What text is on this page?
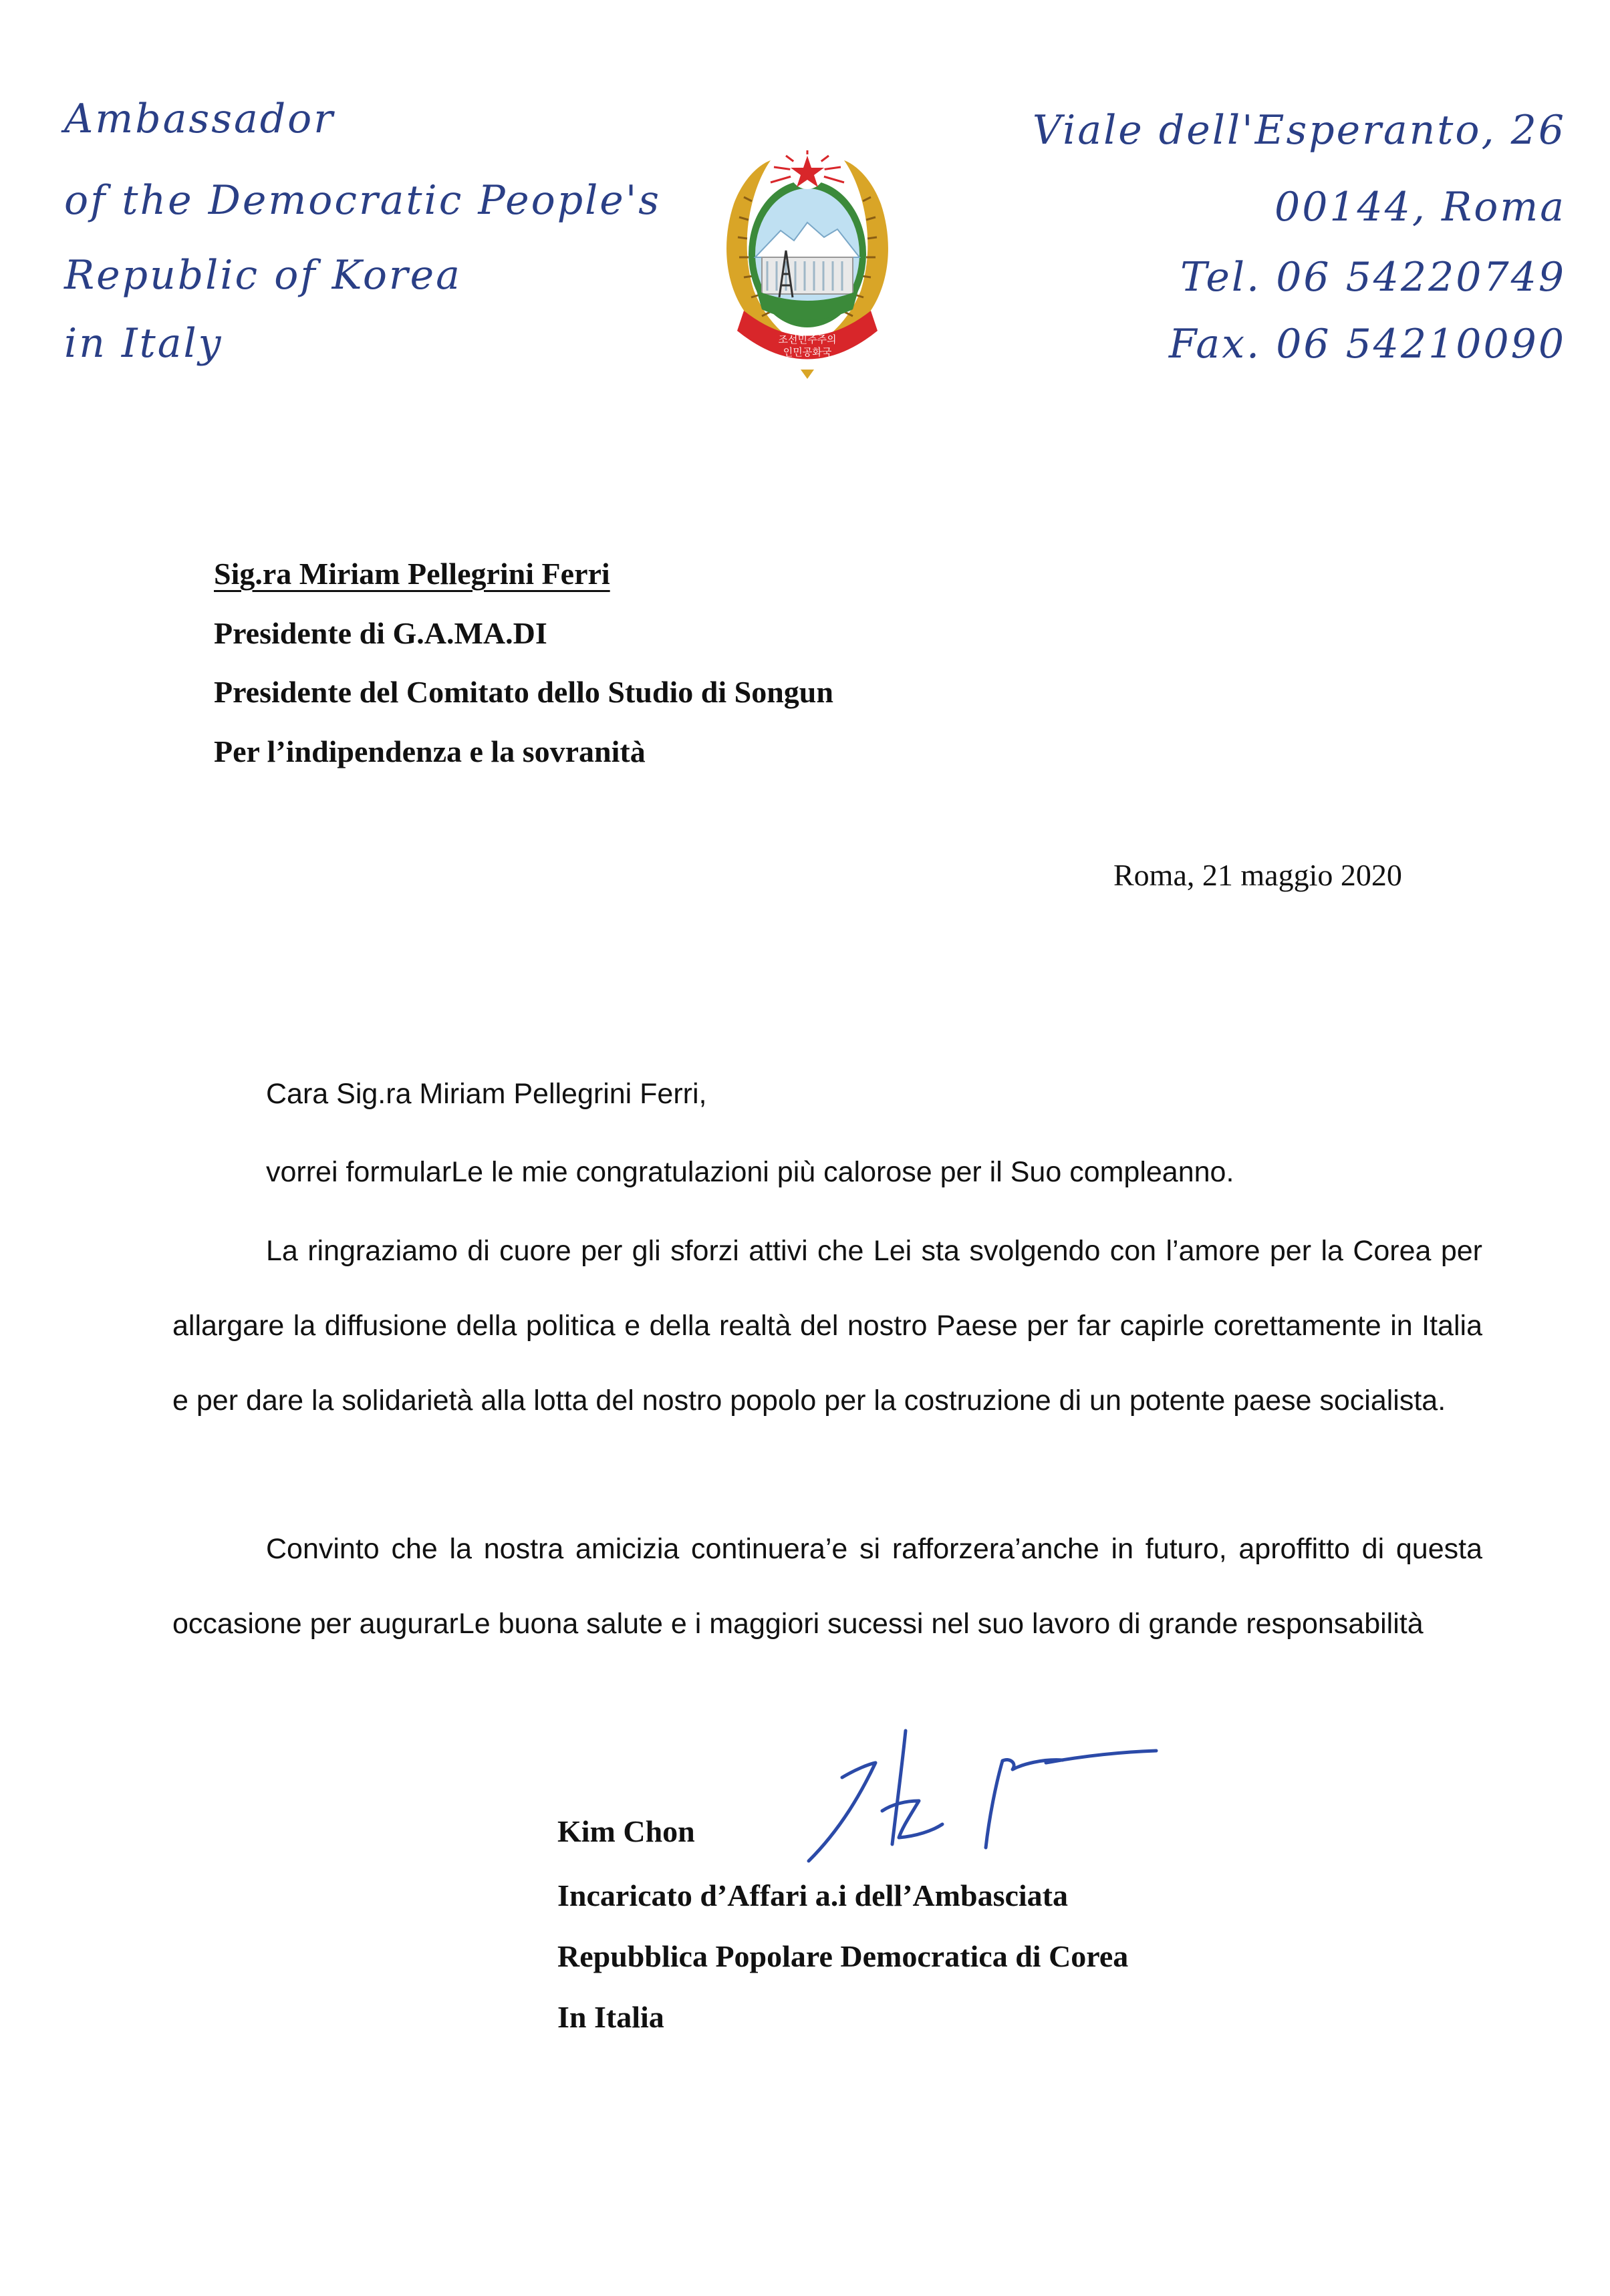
Ambassador
of the Democratic People's
Republic of Korea
in Italy
Viale dell'Esperanto, 26
00144, Roma
Tel. 06 54220749
Fax. 06 54210090
조선민주주의
인민공화국
Sig.ra Miriam Pellegrini Ferri
Presidente di G.A.MA.DI
Presidente del Comitato dello Studio di Songun
Per l’indipendenza e la sovranità
Roma, 21 maggio 2020
Cara Sig.ra Miriam Pellegrini Ferri,
vorrei formularLe le mie congratulazioni più calorose per il Suo compleanno.
La ringraziamo di cuore per gli sforzi attivi che Lei sta svolgendo con l’amore per la Corea per allargare la diffusione della politica e della realtà del nostro Paese per far capirle corettamente in Italia e per dare la solidarietà alla lotta del nostro popolo per la costruzione di un potente paese socialista.
Convinto che la nostra amicizia continuera’e si rafforzera’anche in futuro, aproffitto di questa occasione per augurarLe buona salute e i maggiori sucessi nel suo lavoro di grande responsabilità
Kim Chon
Incaricato d’Affari a.i dell’Ambasciata
Repubblica Popolare Democratica di Corea
In Italia
